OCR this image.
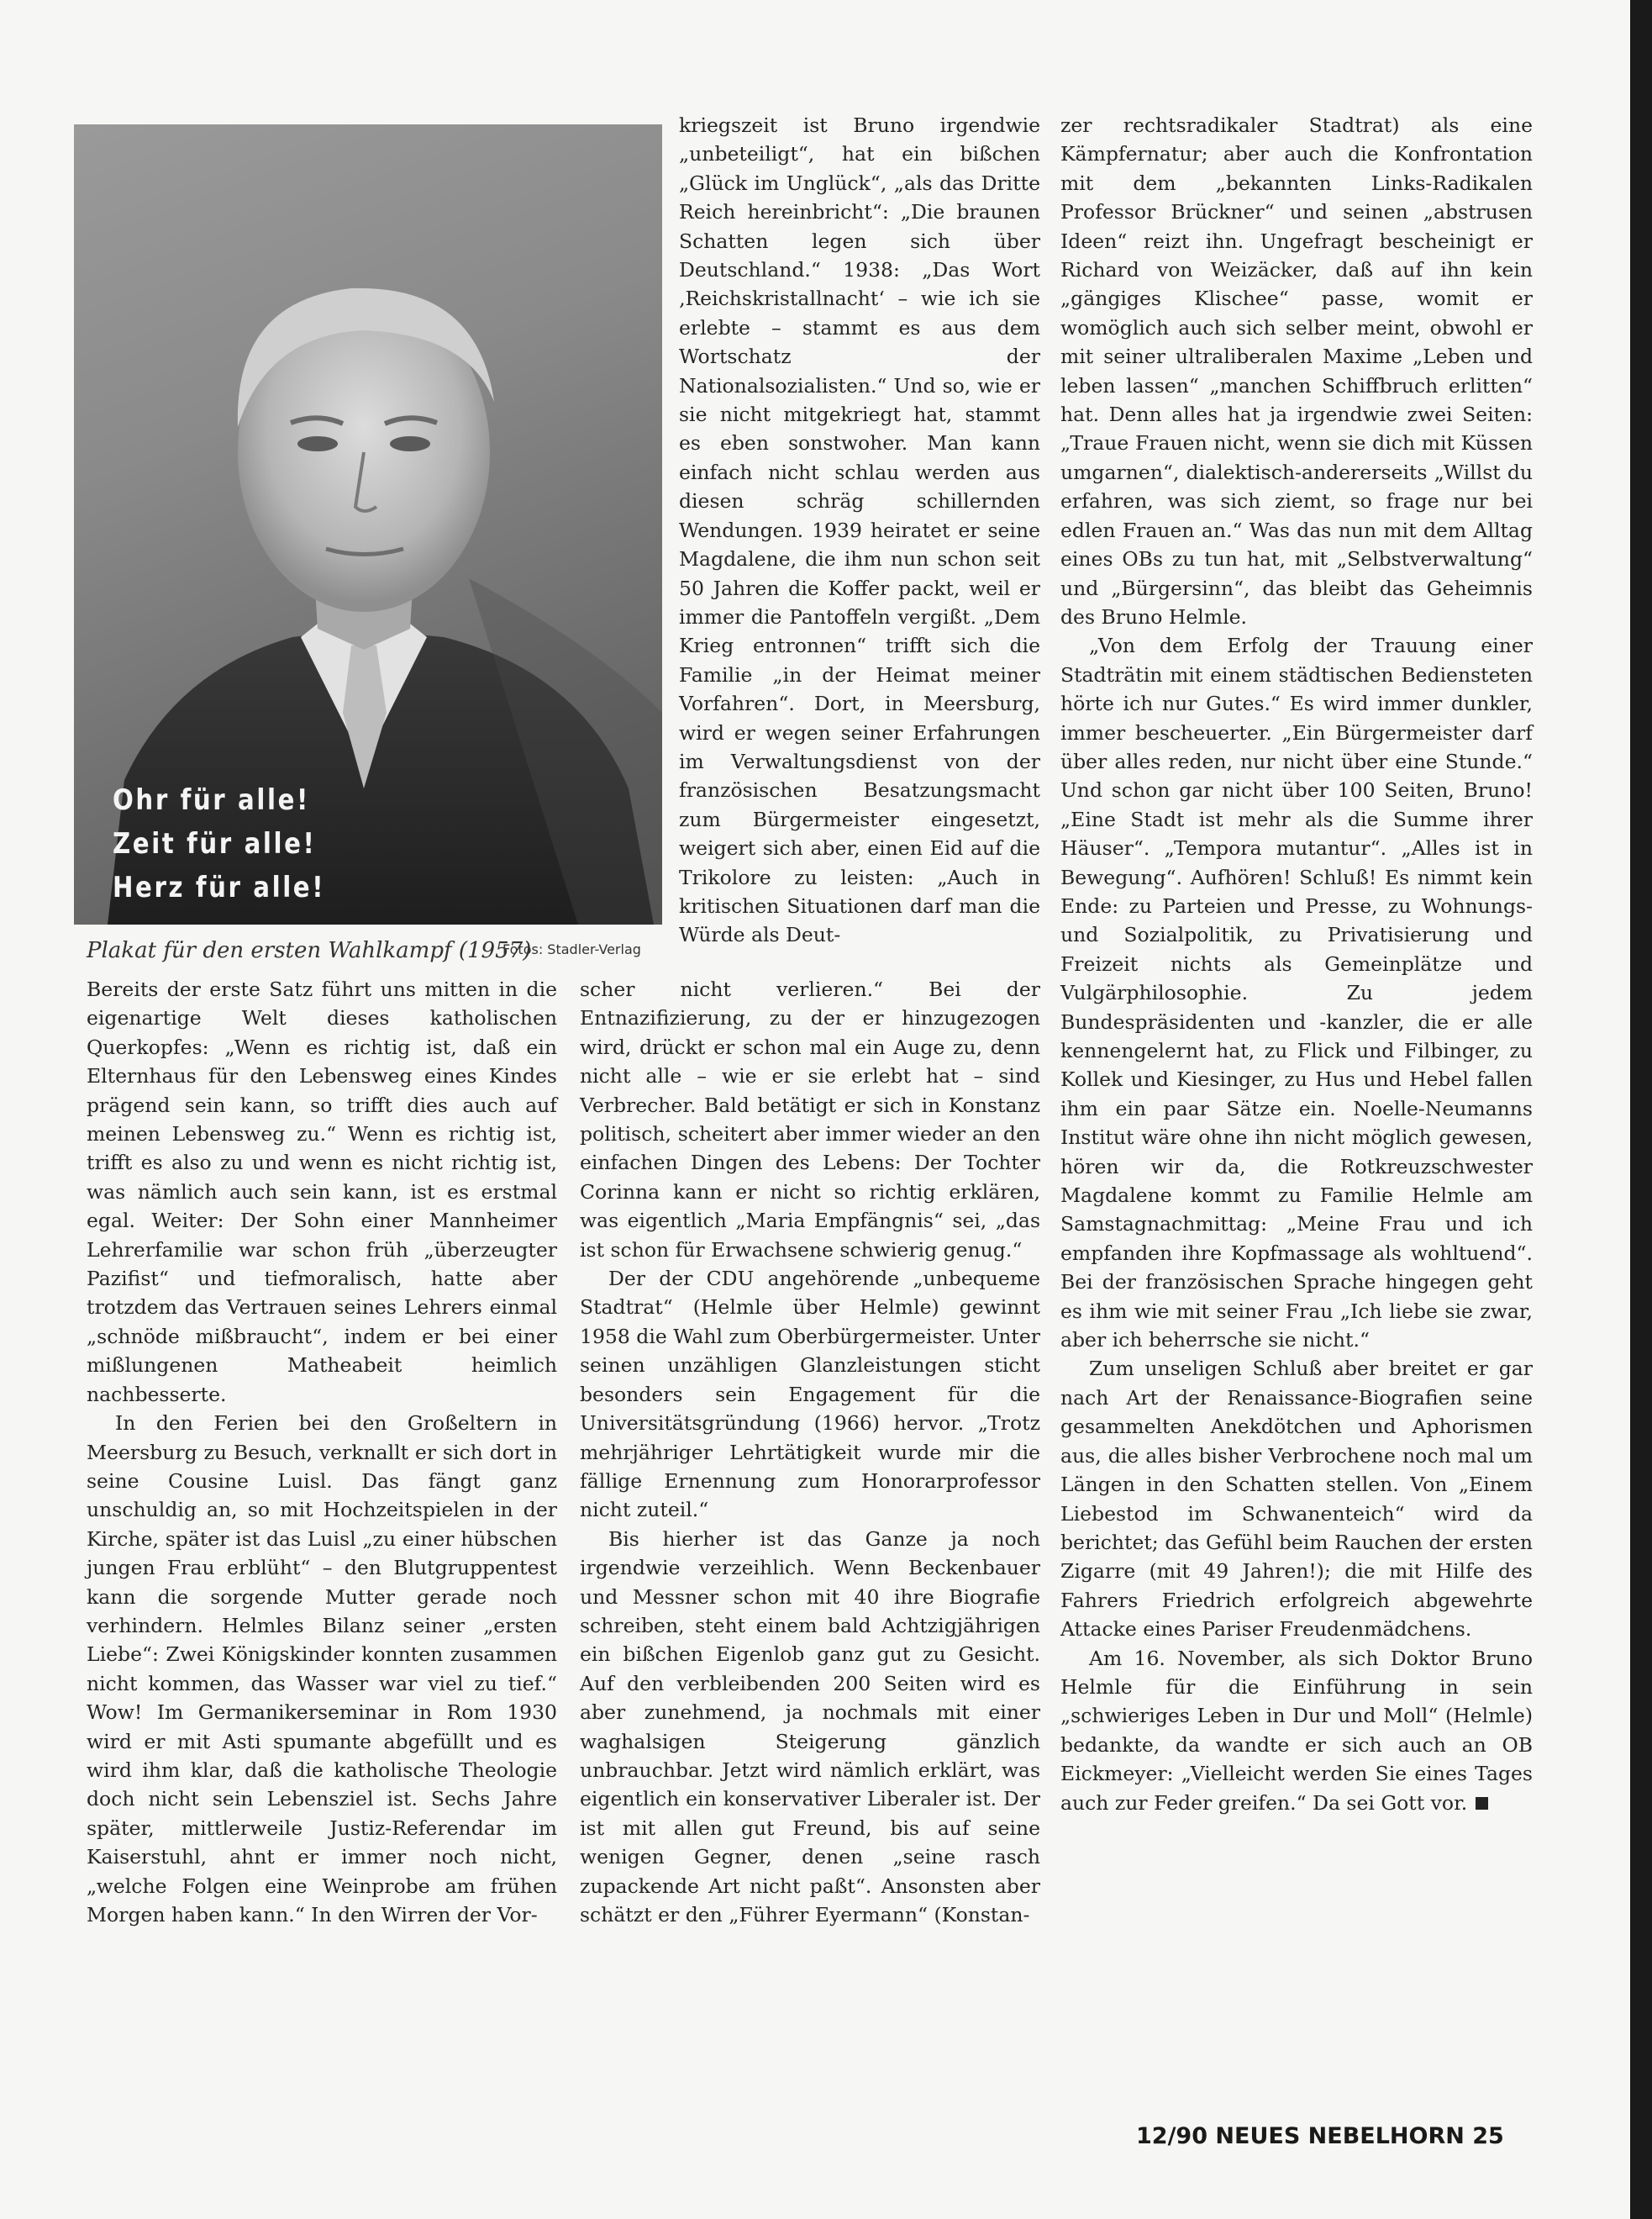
Ohr für alle!
Zeit für alle!
Herz für alle!
Plakat für den ersten Wahlkampf (1957)
Fotos: Stadler-Verlag

Bereits der erste Satz führt uns mitten in die eigenartige Welt dieses katholischen Querkopfes: „Wenn es richtig ist, daß ein Elternhaus für den Lebensweg eines Kindes prägend sein kann, so trifft dies auch auf meinen Lebensweg zu.“ Wenn es richtig ist, trifft es also zu und wenn es nicht richtig ist, was nämlich auch sein kann, ist es erstmal egal. Weiter: Der Sohn einer Mannheimer Lehrerfamilie war schon früh „überzeugter Pazifist“ und tiefmoralisch, hatte aber trotzdem das Vertrauen seines Lehrers einmal „schnöde mißbraucht“, indem er bei einer mißlungenen Matheabeit heimlich nachbesserte.

In den Ferien bei den Großeltern in Meersburg zu Besuch, verknallt er sich dort in seine Cousine Luisl. Das fängt ganz unschuldig an, so mit Hochzeitspielen in der Kirche, später ist das Luisl „zu einer hübschen jungen Frau erblüht“ – den Blutgruppentest kann die sorgende Mutter gerade noch verhindern. Helmles Bilanz seiner „ersten Liebe“: Zwei Königskinder konnten zusammen nicht kommen, das Wasser war viel zu tief.“ Wow! Im Germanikerseminar in Rom 1930 wird er mit Asti spumante abgefüllt und es wird ihm klar, daß die katholische Theologie doch nicht sein Lebensziel ist. Sechs Jahre später, mittlerweile Justiz-Referendar im Kaiserstuhl, ahnt er immer noch nicht, „welche Folgen eine Weinprobe am frühen Morgen haben kann.“ In den Wirren der Vor-

kriegszeit ist Bruno irgendwie „unbeteiligt“, hat ein bißchen „Glück im Unglück“, „als das Dritte Reich hereinbricht“: „Die braunen Schatten legen sich über Deutschland.“ 1938: „Das Wort ‚Reichskristallnacht‘ – wie ich sie erlebte – stammt es aus dem Wortschatz der Nationalsozialisten.“ Und so, wie er sie nicht mitgekriegt hat, stammt es eben sonstwoher. Man kann einfach nicht schlau werden aus diesen schräg schillernden Wendungen. 1939 heiratet er seine Magdalene, die ihm nun schon seit 50 Jahren die Koffer packt, weil er immer die Pantoffeln vergißt. „Dem Krieg entronnen“ trifft sich die Familie „in der Heimat meiner Vorfahren“. Dort, in Meersburg, wird er wegen seiner Erfahrungen im Verwaltungsdienst von der französischen Besatzungsmacht zum Bürgermeister eingesetzt, weigert sich aber, einen Eid auf die Trikolore zu leisten: „Auch in kritischen Situationen darf man die Würde als Deut-

scher nicht verlieren.“ Bei der Entnazifizierung, zu der er hinzugezogen wird, drückt er schon mal ein Auge zu, denn nicht alle – wie er sie erlebt hat – sind Verbrecher. Bald betätigt er sich in Konstanz politisch, scheitert aber immer wieder an den einfachen Dingen des Lebens: Der Tochter Corinna kann er nicht so richtig erklären, was eigentlich „Maria Empfängnis“ sei, „das ist schon für Erwachsene schwierig genug.“

Der der CDU angehörende „unbequeme Stadtrat“ (Helmle über Helmle) gewinnt 1958 die Wahl zum Oberbürgermeister. Unter seinen unzähligen Glanzleistungen sticht besonders sein Engagement für die Universitätsgründung (1966) hervor. „Trotz mehrjähriger Lehrtätigkeit wurde mir die fällige Ernennung zum Honorarprofessor nicht zuteil.“

Bis hierher ist das Ganze ja noch irgendwie verzeihlich. Wenn Beckenbauer und Messner schon mit 40 ihre Biografie schreiben, steht einem bald Achtzigjährigen ein bißchen Eigenlob ganz gut zu Gesicht. Auf den verbleibenden 200 Seiten wird es aber zunehmend, ja nochmals mit einer waghalsigen Steigerung gänzlich unbrauchbar. Jetzt wird nämlich erklärt, was eigentlich ein konservativer Liberaler ist. Der ist mit allen gut Freund, bis auf seine wenigen Gegner, denen „seine rasch zupackende Art nicht paßt“. Ansonsten aber schätzt er den „Führer Eyermann“ (Konstan-

zer rechtsradikaler Stadtrat) als eine Kämpfernatur; aber auch die Konfrontation mit dem „bekannten Links-Radikalen Professor Brückner“ und seinen „abstrusen Ideen“ reizt ihn. Ungefragt bescheinigt er Richard von Weizäcker, daß auf ihn kein „gängiges Klischee“ passe, womit er womöglich auch sich selber meint, obwohl er mit seiner ultraliberalen Maxime „Leben und leben lassen“ „manchen Schiffbruch erlitten“ hat. Denn alles hat ja irgendwie zwei Seiten: „Traue Frauen nicht, wenn sie dich mit Küssen umgarnen“, dialektisch-andererseits „Willst du erfahren, was sich ziemt, so frage nur bei edlen Frauen an.“ Was das nun mit dem Alltag eines OBs zu tun hat, mit „Selbstverwaltung“ und „Bürgersinn“, das bleibt das Geheimnis des Bruno Helmle.

„Von dem Erfolg der Trauung einer Stadträtin mit einem städtischen Bediensteten hörte ich nur Gutes.“ Es wird immer dunkler, immer bescheuerter. „Ein Bürgermeister darf über alles reden, nur nicht über eine Stunde.“ Und schon gar nicht über 100 Seiten, Bruno! „Eine Stadt ist mehr als die Summe ihrer Häuser“. „Tempora mutantur“. „Alles ist in Bewegung“. Aufhören! Schluß! Es nimmt kein Ende: zu Parteien und Presse, zu Wohnungs- und Sozialpolitik, zu Privatisierung und Freizeit nichts als Gemeinplätze und Vulgärphilosophie. Zu jedem Bundespräsidenten und -kanzler, die er alle kennengelernt hat, zu Flick und Filbinger, zu Kollek und Kiesinger, zu Hus und Hebel fallen ihm ein paar Sätze ein. Noelle-Neumanns Institut wäre ohne ihn nicht möglich gewesen, hören wir da, die Rotkreuzschwester Magdalene kommt zu Familie Helmle am Samstagnachmittag: „Meine Frau und ich empfanden ihre Kopfmassage als wohltuend“. Bei der französischen Sprache hingegen geht es ihm wie mit seiner Frau „Ich liebe sie zwar, aber ich beherrsche sie nicht.“

Zum unseligen Schluß aber breitet er gar nach Art der Renaissance-Biografien seine gesammelten Anekdötchen und Aphorismen aus, die alles bisher Verbrochene noch mal um Längen in den Schatten stellen. Von „Einem Liebestod im Schwanenteich“ wird da berichtet; das Gefühl beim Rauchen der ersten Zigarre (mit 49 Jahren!); die mit Hilfe des Fahrers Friedrich erfolgreich abgewehrte Attacke eines Pariser Freudenmädchens.

Am 16. November, als sich Doktor Bruno Helmle für die Einführung in sein „schwieriges Leben in Dur und Moll“ (Helmle) bedankte, da wandte er sich auch an OB Eickmeyer: „Vielleicht werden Sie eines Tages auch zur Feder greifen.“ Da sei Gott vor.

12/90 NEUES NEBELHORN 25
